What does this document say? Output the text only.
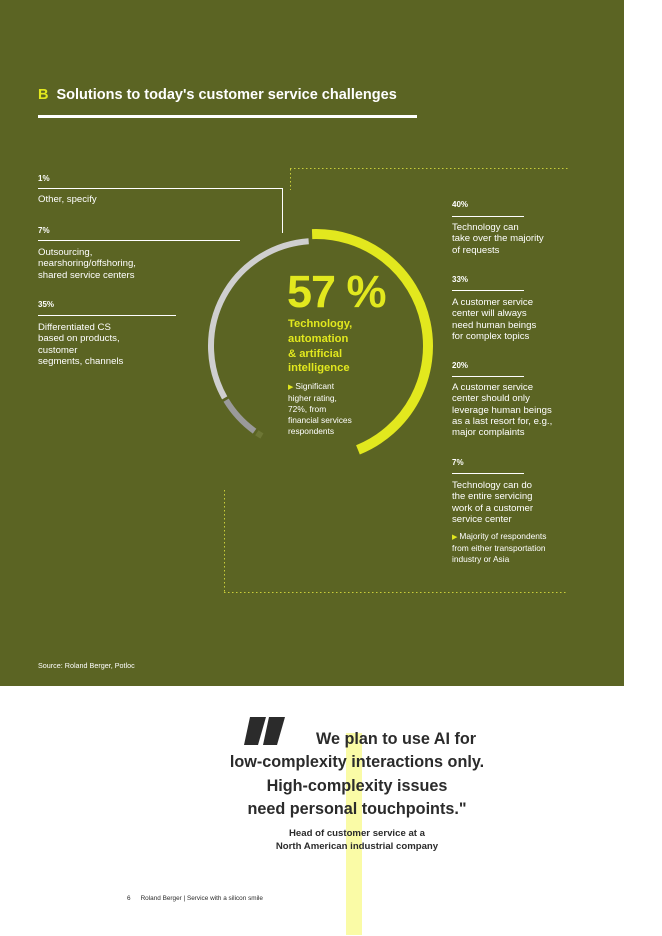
B Solutions to today's customer service challenges
1%
Other, specify
7%
Outsourcing,
nearshoring/offshoring,
shared service centers
35%
Differentiated CS
based on products,
customer
segments, channels
57 %
Technology,
automation
& artificial
intelligence
▶ Significant
higher rating,
72%, from
financial services
respondents
40%
Technology can
take over the majority
of requests
33%
A customer service
center will always
need human beings
for complex topics
20%
A customer service
center should only
leverage human beings
as a last resort for, e.g.,
major complaints
7%
Technology can do
the entire servicing
work of a customer
service center
▶ Majority of respondents
from either transportation
industry or Asia
Source: Roland Berger, Potloc
We plan to use AI for
low-complexity interactions only.
High-complexity issues
need personal touchpoints."
Head of customer service at a
North American industrial company
6 Roland Berger | Service with a silicon smile
